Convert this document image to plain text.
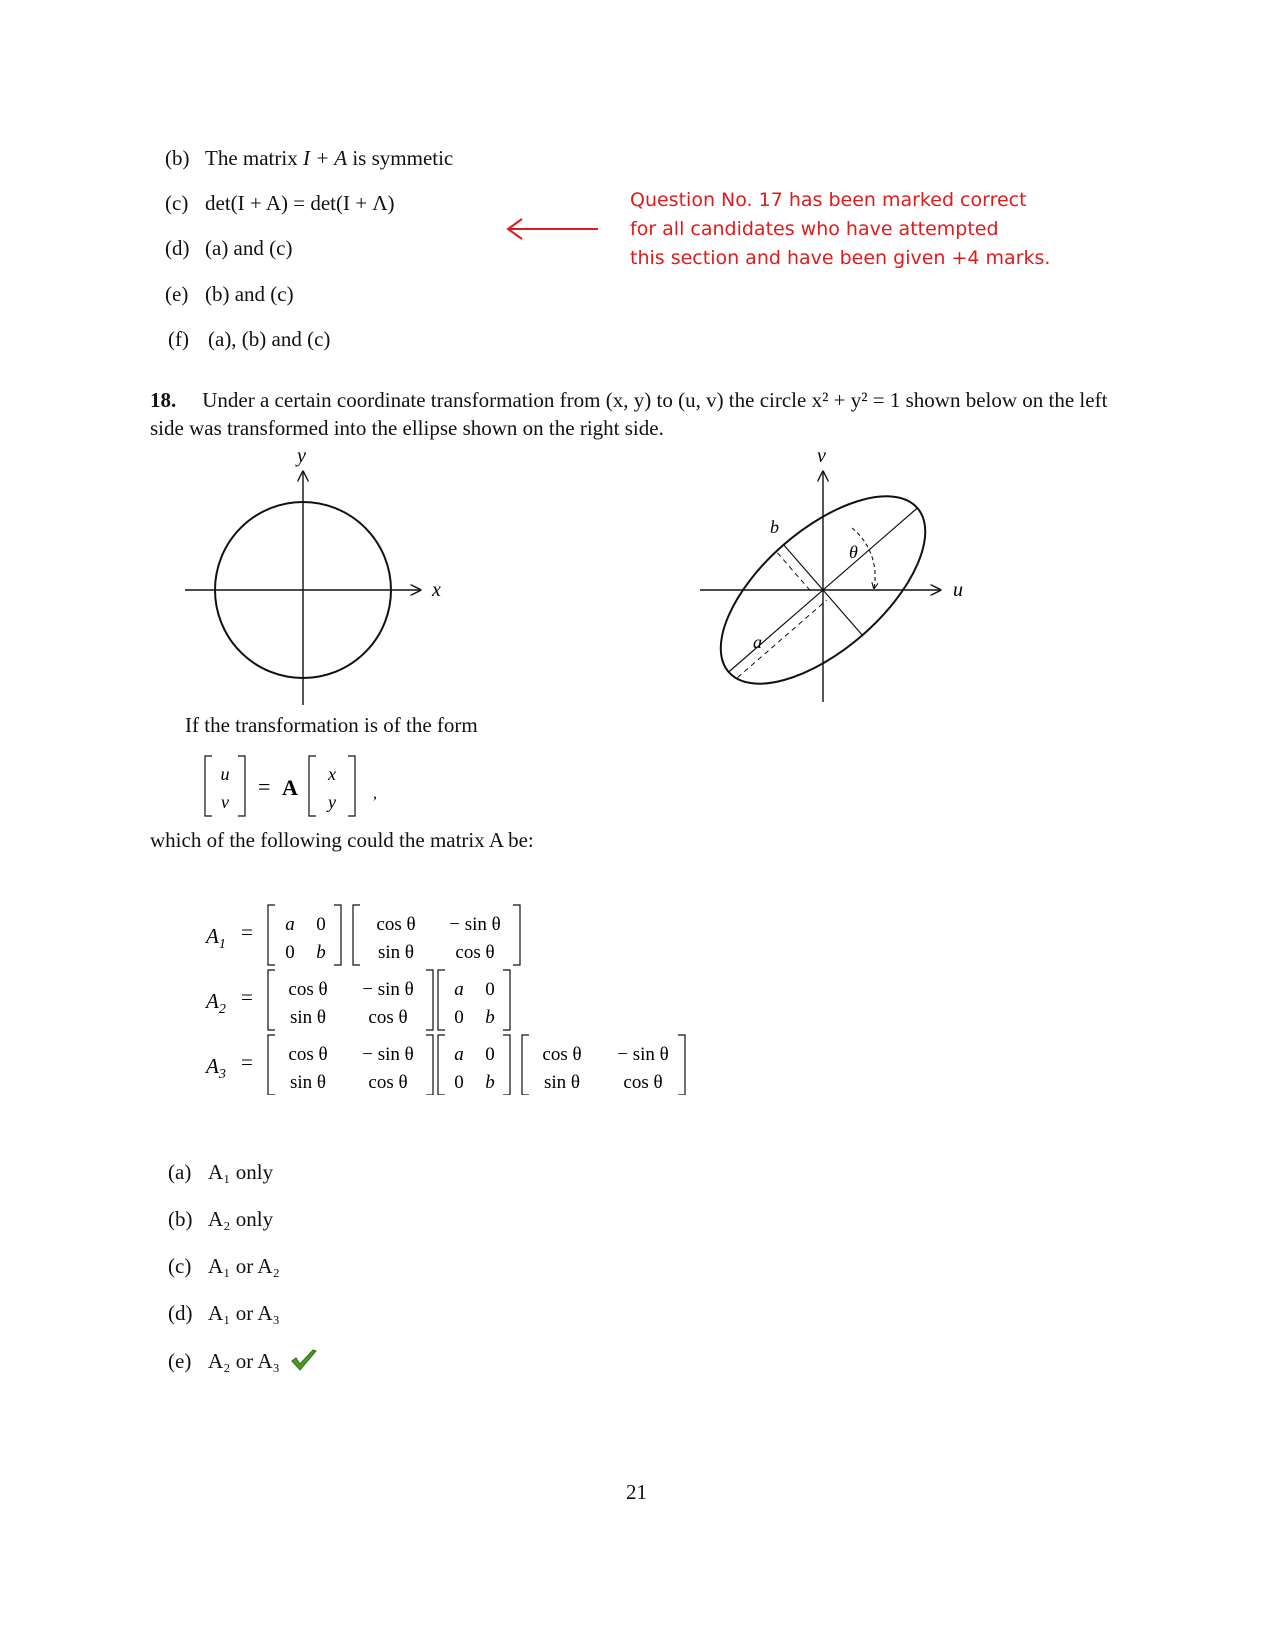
(b) The matrix I + A is symmetic
(c) det(I + A) = det(I + Λ)
(d) (a) and (c)
(e) (b) and (c)
(f) (a), (b) and (c)
Question No. 17 has been marked correct
for all candidates who have attempted
this section and have been given +4 marks.
18. Under a certain coordinate transformation from (x, y) to (u, v) the circle x² + y² = 1 shown below on the left side was transformed into the ellipse shown on the right side.
x
y
u
v
b
a
θ
If the transformation is of the form
u
v
= A
x
y ,
which of the following could the matrix A be:
$A_1$
= a 0
0 b
cos θ − sin θ
sin θ cos θ
$A_2$
= cos θ − sin θ
sin θ cos θ
a 0
0 b
$A_3$
= cos θ − sin θ
sin θ cos θ
a 0
0 b
cos θ − sin θ
sin θ cos θ
(a) A₁ only
(b) A₂ only
(c) A₁ or A₂
(d) A₁ or A₃
(e) A₂ or A₃
21
